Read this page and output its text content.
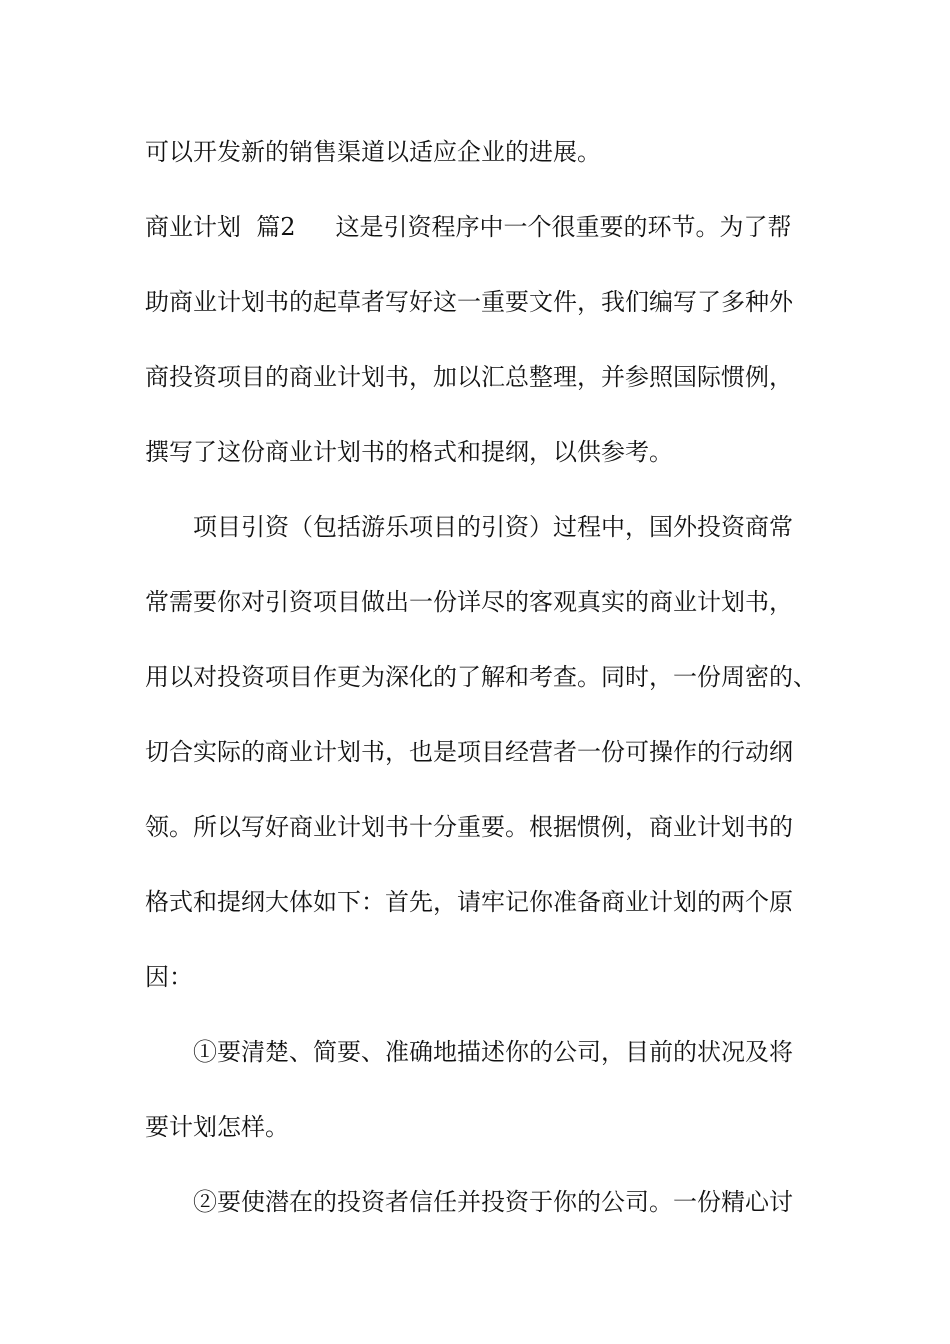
可以开发新的销售渠道以适应企业的进展。
商业计划  篇2 这是引资程序中一个很重要的环节。为了帮
助商业计划书的起草者写好这一重要文件，我们编写了多种外
商投资项目的商业计划书，加以汇总整理，并参照国际惯例，
撰写了这份商业计划书的格式和提纲，以供参考。
项目引资（包括游乐项目的引资）过程中，国外投资商常
常需要你对引资项目做出一份详尽的客观真实的商业计划书，
用以对投资项目作更为深化的了解和考查。同时，一份周密的、
切合实际的商业计划书，也是项目经营者一份可操作的行动纲
领。所以写好商业计划书十分重要。根据惯例，商业计划书的
格式和提纲大体如下：首先，请牢记你准备商业计划的两个原
因：
①要清楚、简要、准确地描述你的公司，目前的状况及将
要计划怎样。
②要使潜在的投资者信任并投资于你的公司。一份精心讨
